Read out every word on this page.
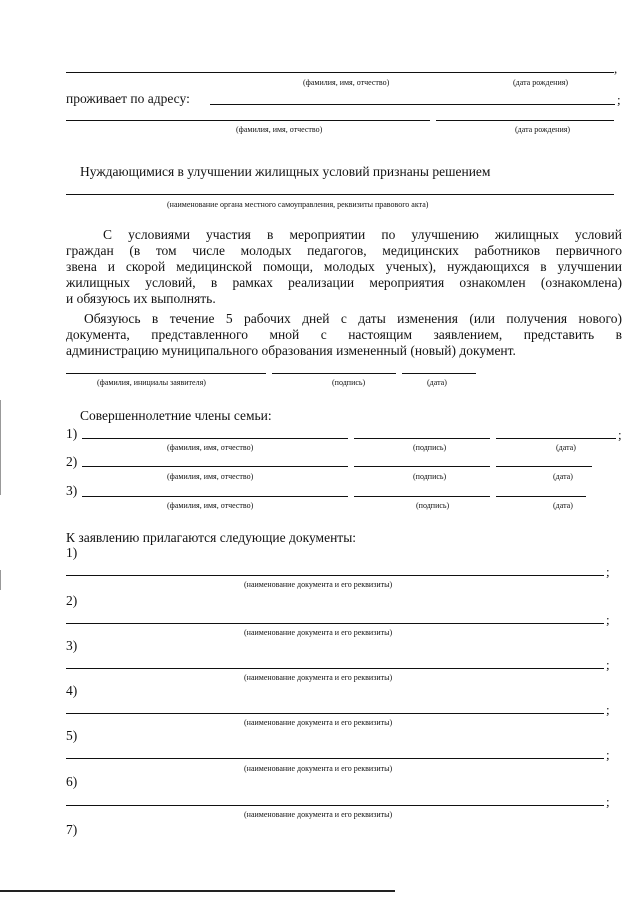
,
(фамилия, имя, отчество)	(дата рождения)
проживает по адресу:	;
(фамилия, имя, отчество)	(дата рождения)
Нуждающимися в улучшении жилищных условий признаны решением
(наименование органа местного самоуправления, реквизиты правового акта)
С условиями участия в мероприятии по улучшению жилищных условий
граждан (в том числе молодых педагогов, медицинских работников первичного
звена и скорой медицинской помощи, молодых ученых), нуждающихся в улучшении
жилищных условий, в рамках реализации мероприятия ознакомлен (ознакомлена)
и обязуюсь их выполнять.
Обязуюсь в течение 5 рабочих дней с даты изменения (или получения нового)
документа, представленного мной с настоящим заявлением, представить в
администрацию муниципального образования измененный (новый) документ.
(фамилия, инициалы заявителя)	(подпись)	(дата)
Совершеннолетние члены семьи:
1)	;
(фамилия, имя, отчество)	(подпись)	(дата)
2)
(фамилия, имя, отчество)	(подпись)	(дата)
3)
(фамилия, имя, отчество)	(подпись)	(дата)
К заявлению прилагаются следующие документы:
1)
;
(наименование документа и его реквизиты)
2)
;
(наименование документа и его реквизиты)
3)
;
(наименование документа и его реквизиты)
4)
;
(наименование документа и его реквизиты)
5)
;
(наименование документа и его реквизиты)
6)
;
(наименование документа и его реквизиты)
7)
